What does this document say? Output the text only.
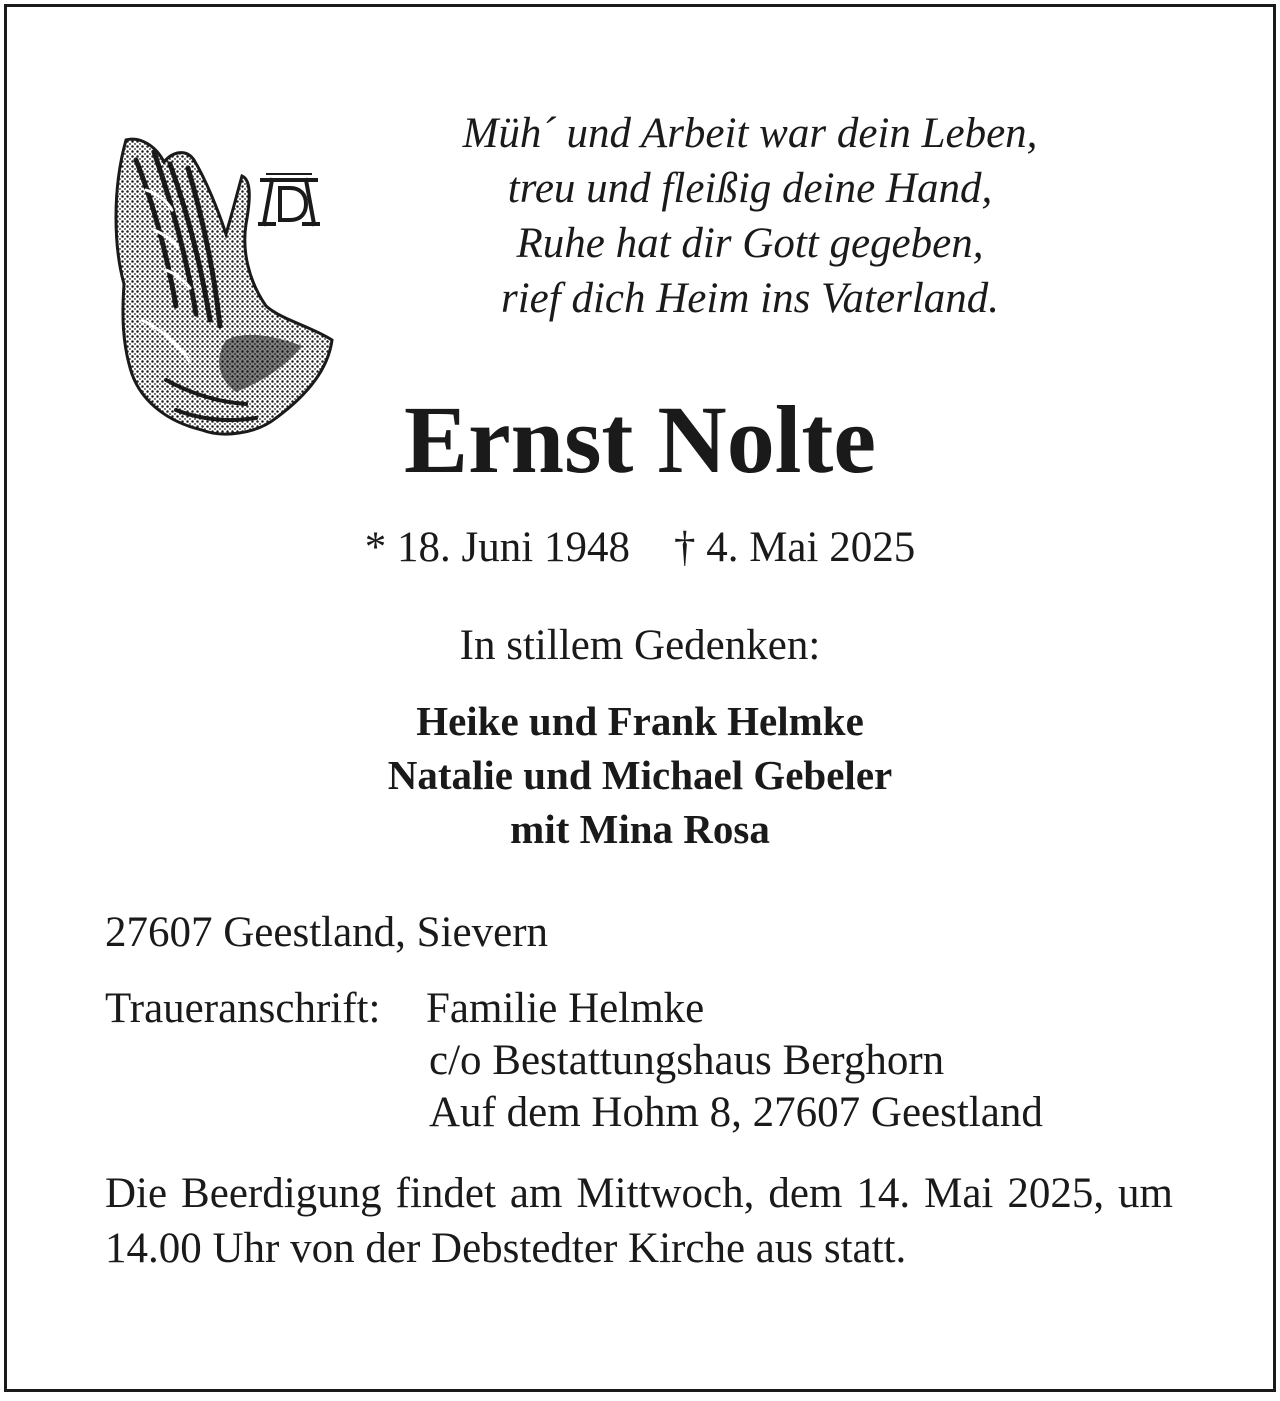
Müh´ und Arbeit war dein Leben,
treu und fleißig deine Hand,
Ruhe hat dir Gott gegeben,
rief dich Heim ins Vaterland.
Ernst Nolte
* 18. Juni 1948 † 4. Mai 2025
In stillem Gedenken:
Heike und Frank Helmke
Natalie und Michael Gebeler
mit Mina Rosa
27607 Geestland, Sievern
Traueranschrift: Familie Helmke
c/o Bestattungshaus Berghorn
Auf dem Hohm 8, 27607 Geestland
Die Beerdigung findet am Mittwoch, dem 14. Mai 2025, um 14.00 Uhr von der Debstedter Kirche aus statt.
